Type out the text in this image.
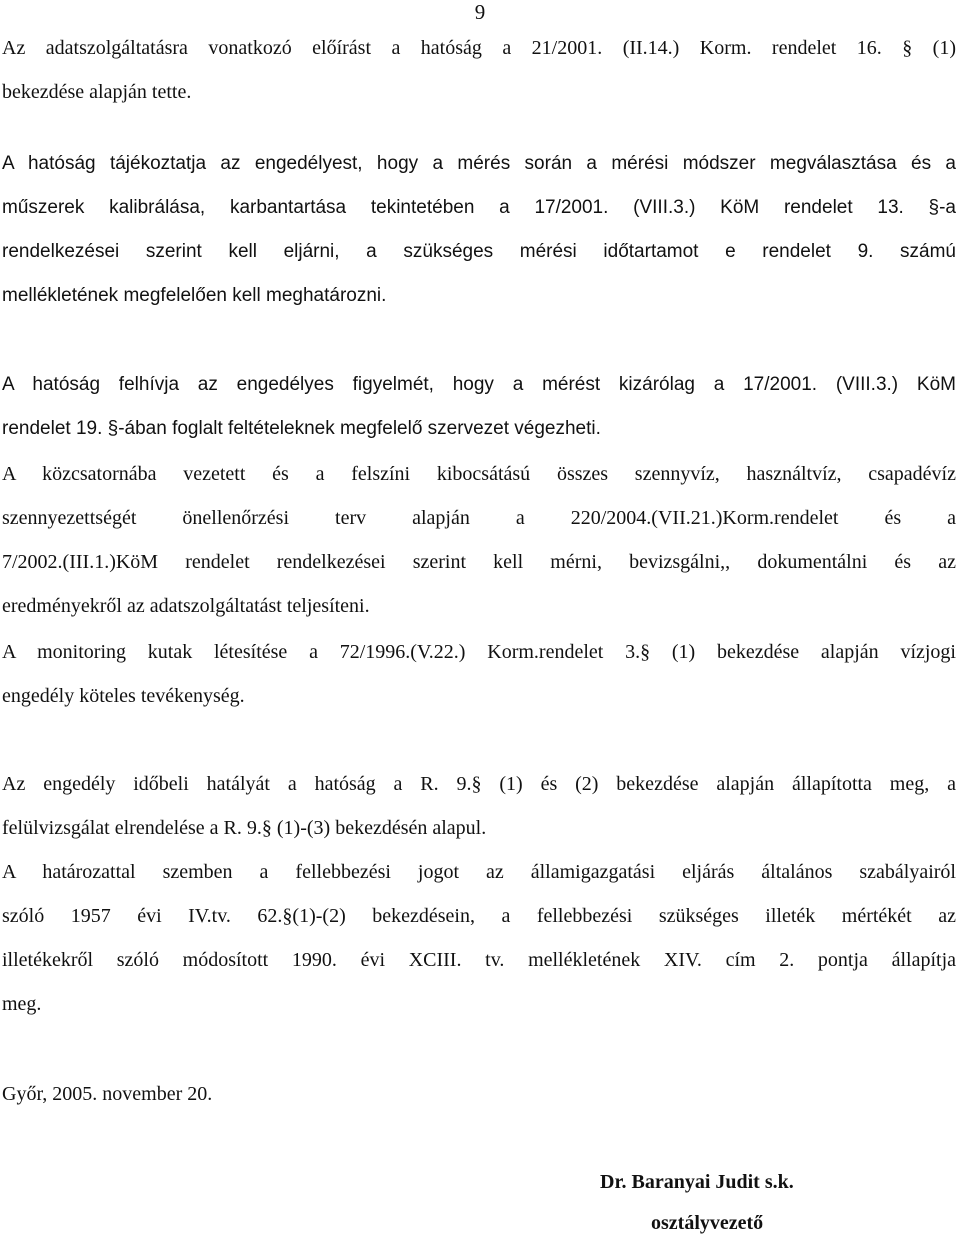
9
Az adatszolgáltatásra vonatkozó előírást a hatóság a 21/2001. (II.14.) Korm. rendelet 16. § (1)
bekezdése alapján tette.
A hatóság tájékoztatja az engedélyest, hogy a mérés során a mérési módszer megválasztása és a
műszerek kalibrálása, karbantartása tekintetében a 17/2001. (VIII.3.) KöM rendelet 13. §-a
rendelkezései szerint kell eljárni, a szükséges mérési időtartamot e rendelet 9. számú
mellékletének megfelelően kell meghatározni.
A hatóság felhívja az engedélyes figyelmét, hogy a mérést kizárólag a 17/2001. (VIII.3.) KöM
rendelet 19. §-ában foglalt feltételeknek megfelelő szervezet végezheti.
A közcsatornába vezetett és a felszíni kibocsátású összes szennyvíz, használtvíz, csapadévíz
szennyezettségét önellenőrzési terv alapján a 220/2004.(VII.21.)Korm.rendelet és a
7/2002.(III.1.)KöM rendelet rendelkezései szerint kell mérni, bevizsgálni,, dokumentálni és az
eredményekről az adatszolgáltatást teljesíteni.
A monitoring kutak létesítése a 72/1996.(V.22.) Korm.rendelet 3.§ (1) bekezdése alapján vízjogi
engedély köteles tevékenység.
Az engedély időbeli hatályát a hatóság a R. 9.§ (1) és (2) bekezdése alapján állapította meg, a
felülvizsgálat elrendelése a R. 9.§ (1)-(3) bekezdésén alapul.
A határozattal szemben a fellebbezési jogot az államigazgatási eljárás általános szabályairól
szóló 1957 évi IV.tv. 62.§(1)-(2) bekezdésein, a fellebbezési szükséges illeték mértékét az
illetékekről szóló módosított 1990. évi XCIII. tv. mellékletének XIV. cím 2. pontja állapítja
meg.
Győr, 2005. november 20.
Dr. Baranyai Judit s.k.
osztályvezető
